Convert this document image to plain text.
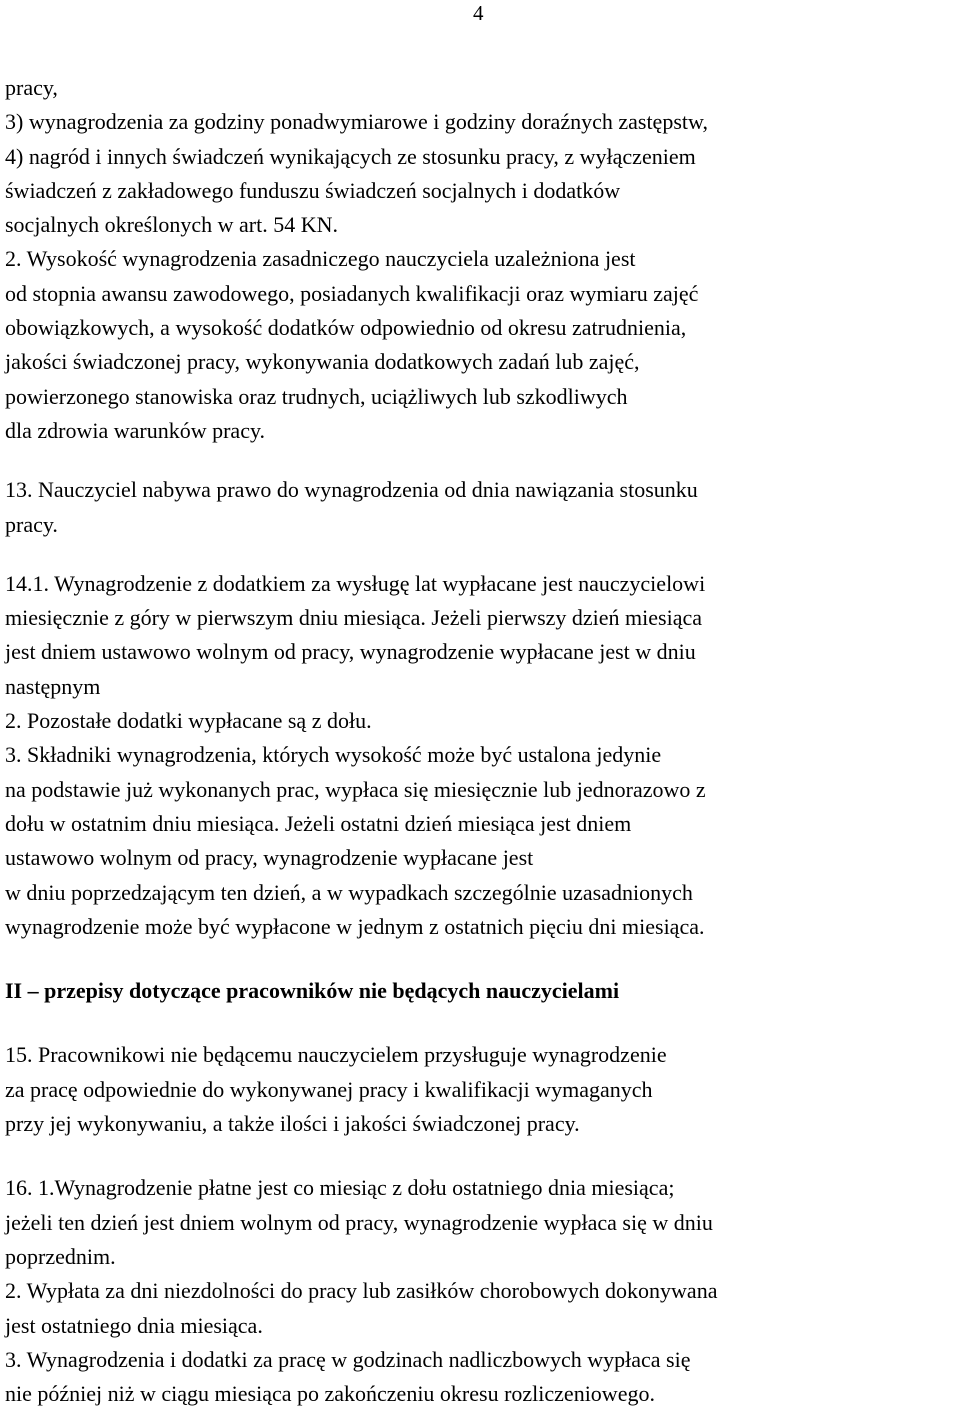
4
pracy,
3) wynagrodzenia za godziny ponadwymiarowe i godziny doraźnych zastępstw,
4) nagród i innych świadczeń wynikających ze stosunku pracy, z wyłączeniem
świadczeń z zakładowego funduszu świadczeń socjalnych i dodatków
socjalnych określonych w art. 54 KN.
2. Wysokość wynagrodzenia zasadniczego nauczyciela uzależniona jest
od stopnia awansu zawodowego, posiadanych kwalifikacji oraz wymiaru zajęć
obowiązkowych, a wysokość dodatków odpowiednio od okresu zatrudnienia,
jakości świadczonej pracy, wykonywania dodatkowych zadań lub zajęć,
powierzonego stanowiska oraz trudnych, uciążliwych lub szkodliwych
dla zdrowia warunków pracy.
13. Nauczyciel nabywa prawo do wynagrodzenia od dnia nawiązania stosunku
pracy.
14.1. Wynagrodzenie z dodatkiem za wysługę lat wypłacane jest nauczycielowi
miesięcznie z góry w pierwszym dniu miesiąca. Jeżeli pierwszy dzień miesiąca
jest dniem ustawowo wolnym od pracy, wynagrodzenie wypłacane jest w dniu
następnym
2. Pozostałe dodatki wypłacane są z dołu.
3. Składniki wynagrodzenia, których wysokość może być ustalona jedynie
na podstawie już wykonanych prac, wypłaca się miesięcznie lub jednorazowo z
dołu w ostatnim dniu miesiąca. Jeżeli ostatni dzień miesiąca jest dniem
ustawowo wolnym od pracy, wynagrodzenie wypłacane jest
w dniu poprzedzającym ten dzień, a w wypadkach szczególnie uzasadnionych
wynagrodzenie może być wypłacone w jednym z ostatnich pięciu dni miesiąca.
II – przepisy dotyczące pracowników nie będących nauczycielami
15. Pracownikowi nie będącemu nauczycielem przysługuje wynagrodzenie
za pracę odpowiednie do wykonywanej pracy i kwalifikacji wymaganych
przy jej wykonywaniu, a także ilości i jakości świadczonej pracy.
16. 1.Wynagrodzenie płatne jest co miesiąc z dołu ostatniego dnia miesiąca;
jeżeli ten dzień jest dniem wolnym od pracy, wynagrodzenie wypłaca się w dniu
poprzednim.
2. Wypłata za dni niezdolności do pracy lub zasiłków chorobowych dokonywana
jest ostatniego dnia miesiąca.
3. Wynagrodzenia i dodatki za pracę w godzinach nadliczbowych wypłaca się
nie później niż w ciągu miesiąca po zakończeniu okresu rozliczeniowego.
